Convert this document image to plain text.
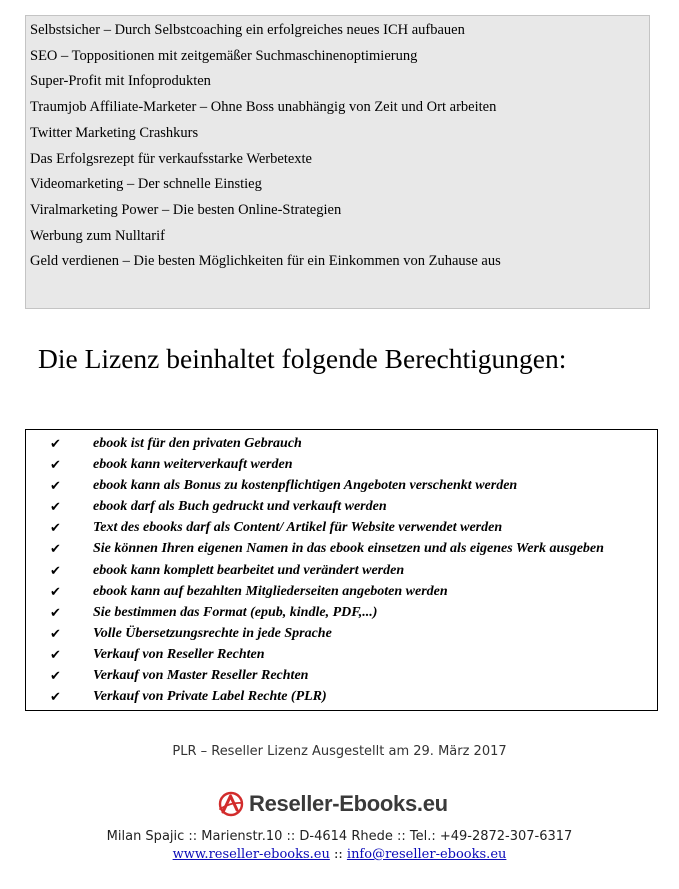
Selbstsicher – Durch Selbstcoaching ein erfolgreiches neues ICH aufbauen
SEO – Toppositionen mit zeitgemäßer Suchmaschinenoptimierung
Super-Profit mit Infoprodukten
Traumjob Affiliate-Marketer – Ohne Boss unabhängig von Zeit und Ort arbeiten
Twitter Marketing Crashkurs
Das Erfolgsrezept für verkaufsstarke Werbetexte
Videomarketing – Der schnelle Einstieg
Viralmarketing Power – Die besten Online-Strategien
Werbung zum Nulltarif
Geld verdienen – Die besten Möglichkeiten für ein Einkommen von Zuhause aus
Die Lizenz beinhaltet folgende Berechtigungen:
✔ ebook ist für den privaten Gebrauch
✔ ebook kann weiterverkauft werden
✔ ebook kann als Bonus zu kostenpflichtigen Angeboten verschenkt werden
✔ ebook darf als Buch gedruckt und verkauft werden
✔ Text des ebooks darf als Content/ Artikel für Website verwendet werden
✔ Sie können Ihren eigenen Namen in das ebook einsetzen und als eigenes Werk ausgeben
✔ ebook kann komplett bearbeitet und verändert werden
✔ ebook kann auf bezahlten Mitgliederseiten angeboten werden
✔ Sie bestimmen das Format (epub, kindle, PDF,...)
✔ Volle Übersetzungsrechte in jede Sprache
✔ Verkauf von Reseller Rechten
✔ Verkauf von Master Reseller Rechten
✔ Verkauf von Private Label Rechte (PLR)
PLR – Reseller Lizenz Ausgestellt am 29. März 2017
Reseller-Ebooks.eu
Milan Spajic :: Marienstr.10 :: D-4614 Rhede :: Tel.: +49-2872-307-6317
www.reseller-ebooks.eu :: info@reseller-ebooks.eu
